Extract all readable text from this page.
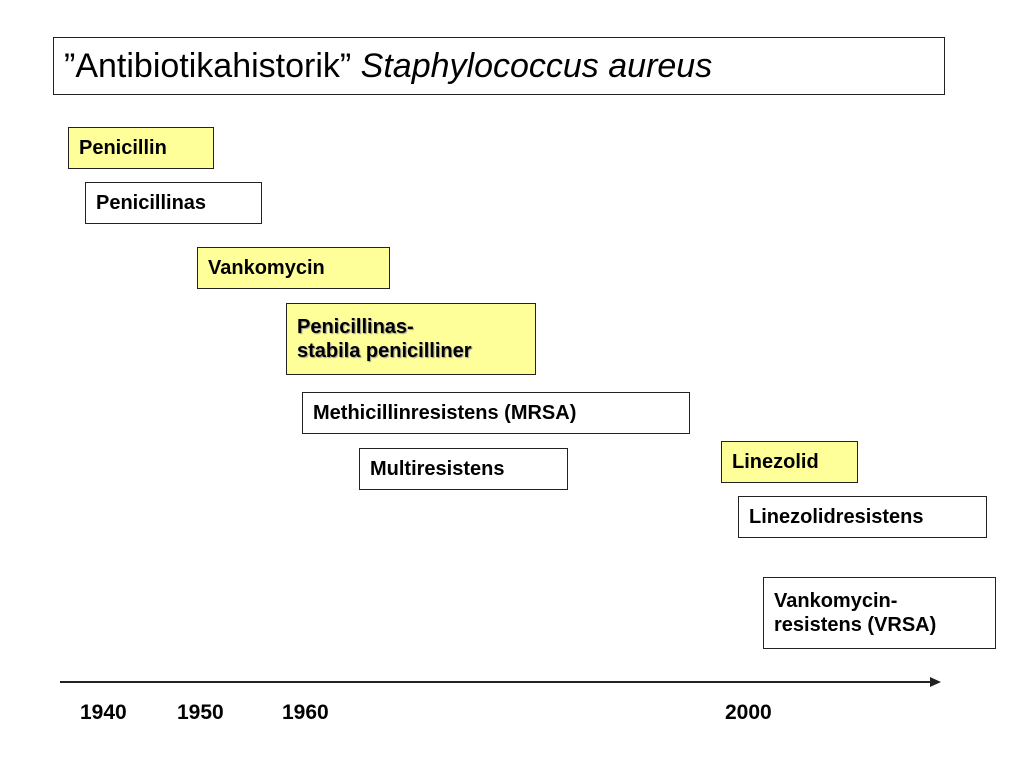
”Antibiotikahistorik” Staphylococcus aureus
Penicillin
Penicillinas
Vankomycin
Penicillinas-
stabila penicilliner
Methicillinresistens (MRSA)
Multiresistens	Linezolid
Linezolidresistens
Vankomycin-
resistens (VRSA)
1940 1950	1960	2000
